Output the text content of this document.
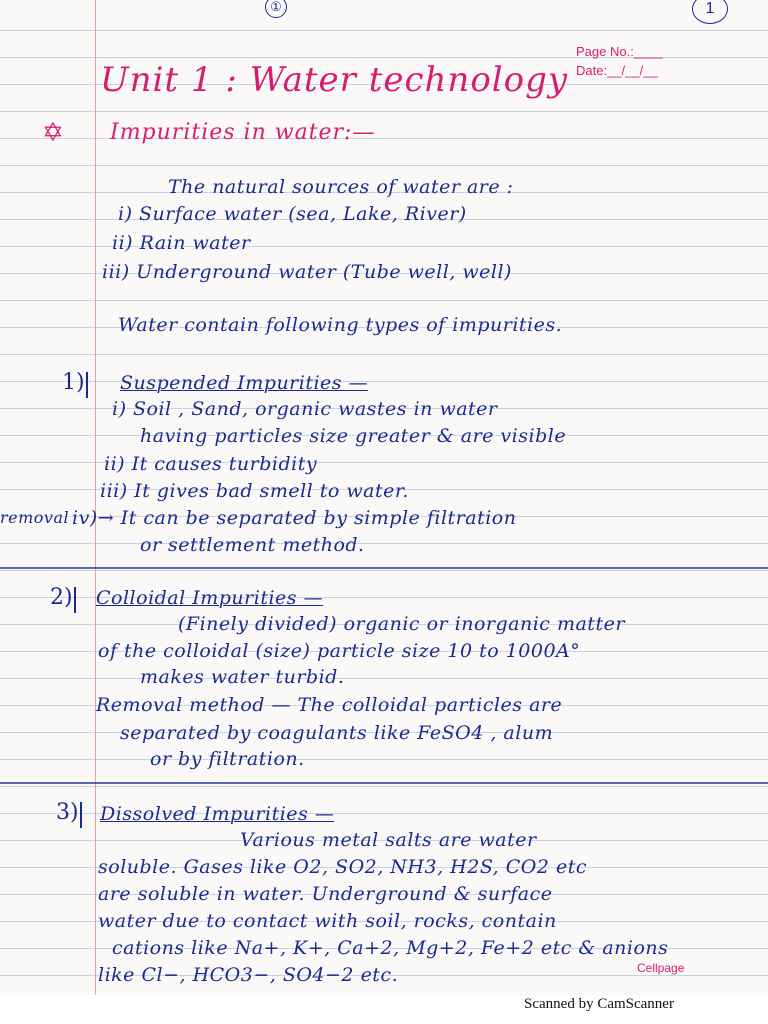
①	1
Page No.:____
Date:__/__/__
Unit 1 : Water technology
✡ Impurities in water:—
The natural sources of water are :
i) Surface water (sea, Lake, River)
ii) Rain water
iii) Underground water (Tube well, well)
Water contain following types of impurities.
1) Suspended Impurities —
i) Soil , Sand, organic wastes in water
having particles size greater & are visible
ii) It causes turbidity
iii) It gives bad smell to water.
removal iv)→ It can be separated by simple filtration
or settlement method.
2) Colloidal Impurities —
(Finely divided) organic or inorganic matter
of the colloidal (size) particle size 10 to 1000A°
makes water turbid.
Removal method — The colloidal particles are
separated by coagulants like FeSO4 , alum
or by filtration.
3) Dissolved Impurities —
Various metal salts are water
soluble. Gases like O2, SO2, NH3, H2S, CO2 etc
are soluble in water. Underground & surface
water due to contact with soil, rocks, contain
cations like Na+, K+, Ca+2, Mg+2, Fe+2 etc & anions
like Cl−, HCO3−, SO4−2 etc.	Cellpage
Scanned by CamScanner
